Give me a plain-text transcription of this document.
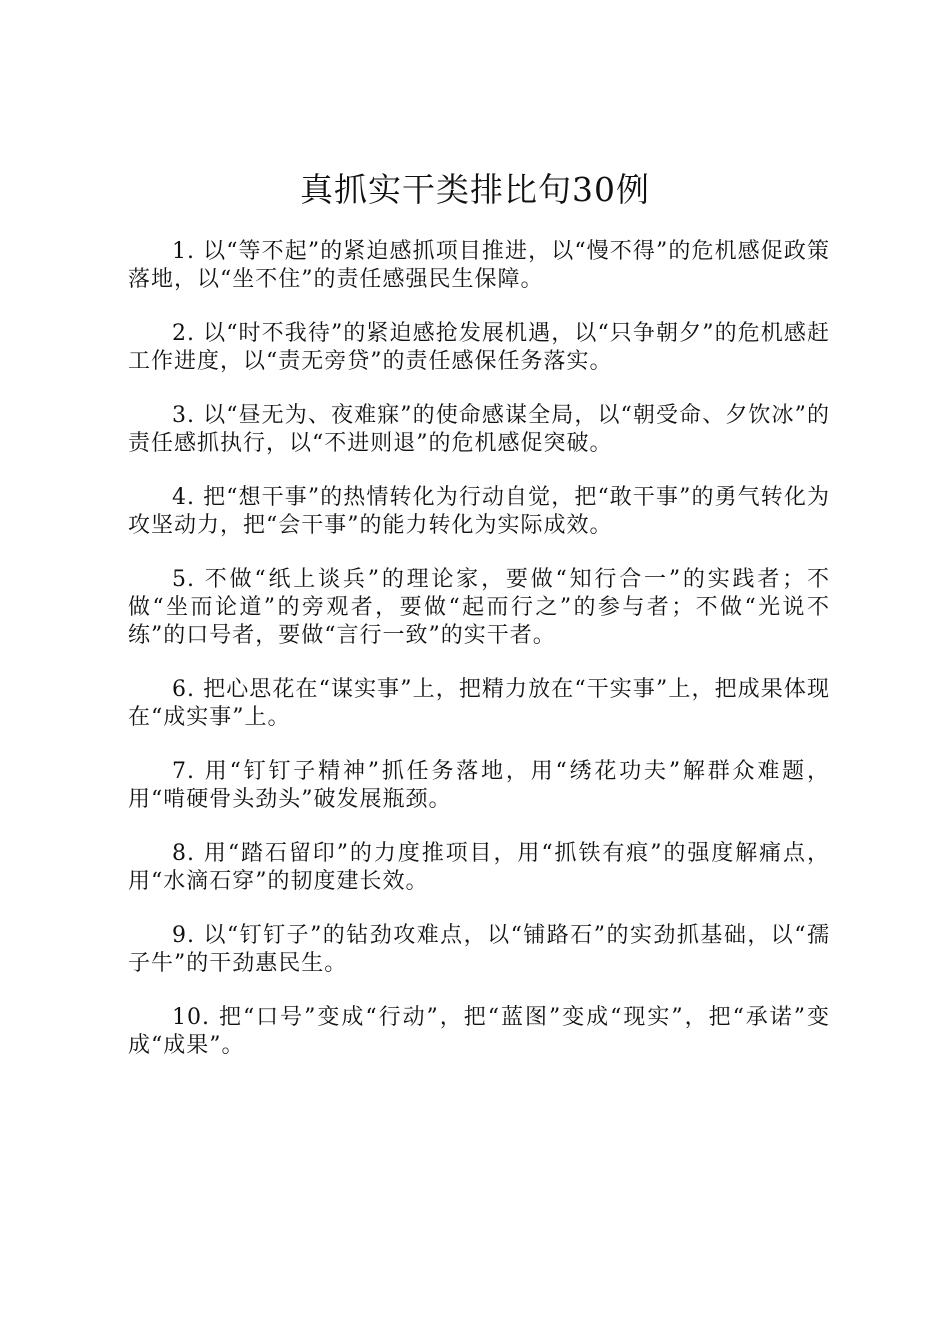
真抓实干类排比句30例

1. 以“等不起”的紧迫感抓项目推进，以“慢不得”的危机感促政策落地，以“坐不住”的责任感强民生保障。

2. 以“时不我待”的紧迫感抢发展机遇，以“只争朝夕”的危机感赶工作进度，以“责无旁贷”的责任感保任务落实。

3. 以“昼无为、夜难寐”的使命感谋全局，以“朝受命、夕饮冰”的责任感抓执行，以“不进则退”的危机感促突破。

4. 把“想干事”的热情转化为行动自觉，把“敢干事”的勇气转化为攻坚动力，把“会干事”的能力转化为实际成效。

5. 不做“纸上谈兵”的理论家，要做“知行合一”的实践者；不做“坐而论道”的旁观者，要做“起而行之”的参与者；不做“光说不练”的口号者，要做“言行一致”的实干者。

6. 把心思花在“谋实事”上，把精力放在“干实事”上，把成果体现在“成实事”上。

7. 用“钉钉子精神”抓任务落地，用“绣花功夫”解群众难题，用“啃硬骨头劲头”破发展瓶颈。

8. 用“踏石留印”的力度推项目，用“抓铁有痕”的强度解痛点，用“水滴石穿”的韧度建长效。

9. 以“钉钉子”的钻劲攻难点，以“铺路石”的实劲抓基础，以“孺子牛”的干劲惠民生。

10. 把“口号”变成“行动”，把“蓝图”变成“现实”，把“承诺”变成“成果”。
